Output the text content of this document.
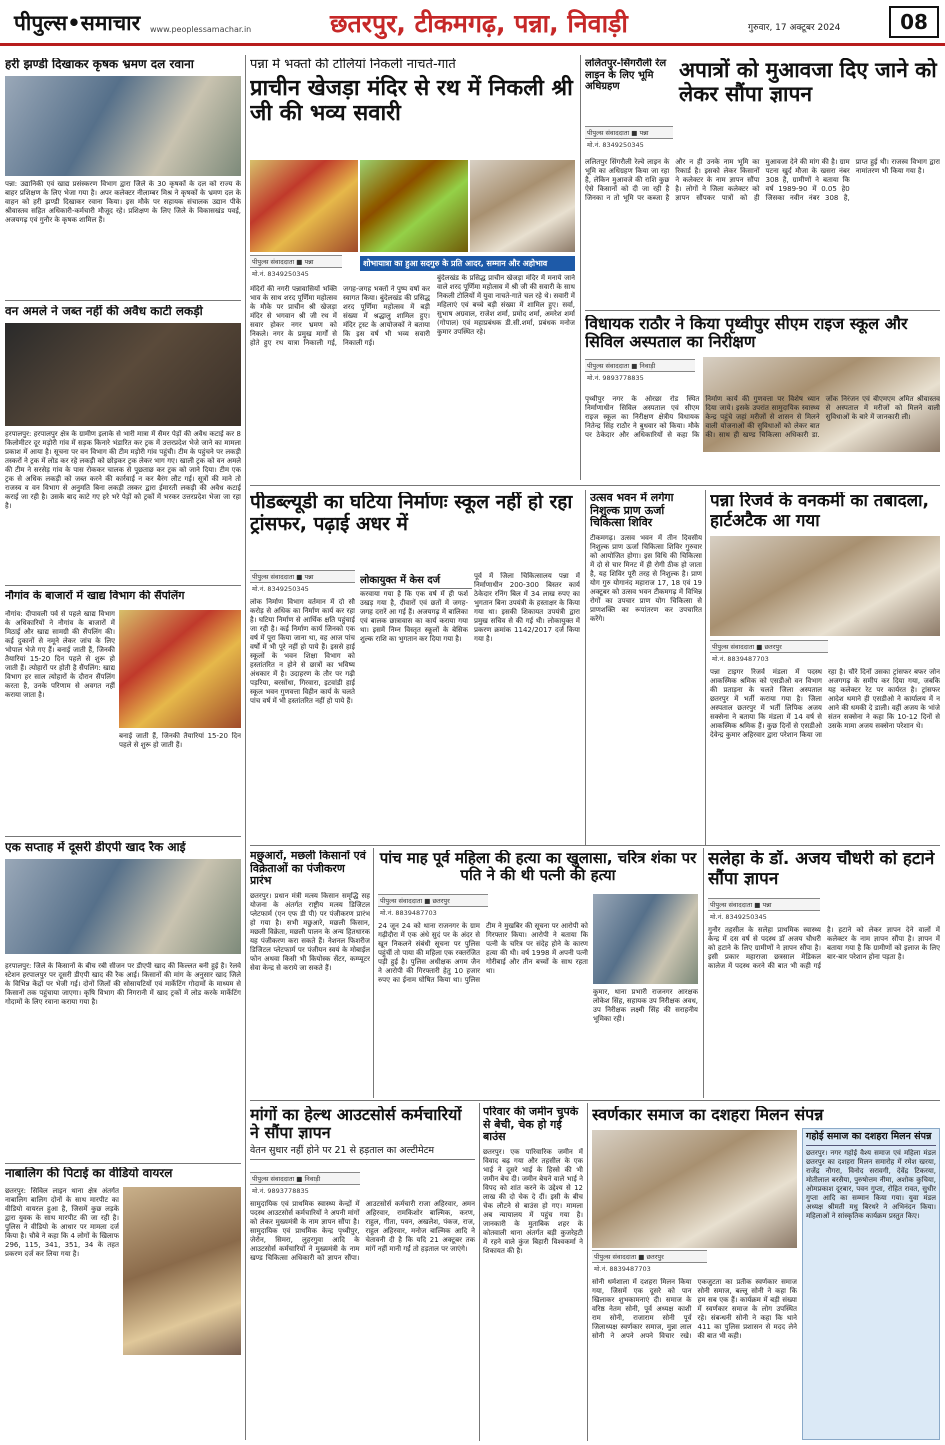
पीपुल्स•समाचार www.peoplessamachar.in	छतरपुर, टीकमगढ़, पन्ना, निवाड़ी	गुरुवार, 17 अक्टूबर 2024	08
हरी झण्डी दिखाकर कृषक भ्रमण दल रवाना
पन्ना: उद्यानिकी एवं खाद्य प्रसंस्करण विभाग द्वारा जिले के 30 कृषकों के दल को राज्य के बाहर प्रशिक्षण के लिए भेजा गया है। अपर कलेक्टर नीलाम्बर मिश्र ने कृषकों के भ्रमण दल के वाहन को हरी झण्डी दिखाकर रवाना किया। इस मौके पर सहायक संचालक उद्यान पीके श्रीवास्तव सहित अधिकारी-कर्मचारी मौजूद रहे। प्रशिक्षण के लिए जिले के विकासखंड पवई, अजयगढ़ एवं गुनौर के कृषक शामिल हैं।
वन अमले ने जब्त नहीं की अवैध काटी लकड़ी
हरपालपुर: हरपालपुर क्षेत्र के ग्रामीण इलाके से भारी मात्रा में सैमर पेड़ों की अवैध कटाई कर 8 किलोमीटर दूर मड़ोरी गांव में सड़क किनारे भंडारित कर ट्रक में उत्तरप्रदेश भेजे जाने का मामला प्रकाश में आया है। सूचना पर वन विभाग की टीम मड़ोरी गांव पहुंची। टीम के पहुंचने पर लकड़ी तस्करों ने ट्रक में लोड कर रहे लकड़ी को छोड़कर ट्रक लेकर भाग गए। खाली ट्रक को वन अमले की टीम ने सरसेड़ गांव के पास रोककर चालक से पूछताछ कर ट्रक को जाने दिया। टीम एक ट्रक से अधिक लकड़ी को जब्त करने की कार्रवाई न कर बैरंग लौट गई। सूत्रों की माने तो राजस्व व वन विभाग से अनुमति बिना लकड़ी तस्कर द्वारा ईमारती लकड़ी की अवैध कटाई कराई जा रही है। उसके बाद काटे गए हरे भरे पेड़ों को ट्रकों में भरकर उत्तरप्रदेश भेजा जा रहा है।
नौगांव के बाजारों में खाद्य विभाग की सैंपलिंग
नौगांव: दीपावली पर्व से पहले खाद्य विभाग के अधिकारियों ने नौगांव के बाजारों में मिठाई और खाद्य सामग्री की सैंपलिंग की। कई दुकानों से नमूने लेकर जांच के लिए भोपाल भेजे गए हैं। बनाई जाती हैं, जिनकी तैयारियां 15-20 दिन पहले से शुरू हो जाती हैं। त्योहारों पर होती है सैंपलिंग: खाद्य विभाग हर साल त्योहारों के दौरान सैंपलिंग करता है, उनके परिणाम से अवगत नहीं कराया जाता है।
बनाई जाती हैं, जिनकी तैयारियां 15-20 दिन पहले से शुरू हो जाती हैं।
एक सप्ताह में दूसरी डीएपी खाद रैक आई
हरपालपुर: जिले के किसानों के बीच रबी सीजन पर डीएपी खाद की किल्लत बनी हुई है। रेलवे स्टेशन हरपालपुर पर दूसरी डीएपी खाद की रैक आई। किसानों की मांग के अनुसार खाद जिले के विभिन्न केंद्रों पर भेजी गई। दोनों जिलों की सोसायटियों एवं मार्केटिंग गोदामों के माध्यम से किसानों तक पहुंचाया जाएगा। कृषि विभाग की निगरानी में खाद ट्रकों में लोड करके मार्केटिंग गोदामों के लिए रवाना कराया गया है।
नाबालिग की पिटाई का वीडियो वायरल
छतरपुर: सिविल लाइन थाना क्षेत्र अंतर्गत नाबालिग बालिग दोनों के साथ मारपीट का वीडियो वायरल हुआ है, जिसमें कुछ लड़के द्वारा युवक के साथ मारपीट की जा रही है। पुलिस ने वीडियो के आधार पर मामला दर्ज किया है। चौबे ने कहा कि 4 लोगों के खिलाफ 296, 115, 341, 351, 34 के तहत प्रकरण दर्ज कर लिया गया है।
पन्ना में भक्तों की टोलियां निकली नाचते-गाते
प्राचीन खेजड़ा मंदिर से रथ में निकली श्री जी की भव्य सवारी
पीपुल्स संवाददाता ■ पन्ना
मो.नं. 8349250345
मंदिरों की नगरी पन्नावासियों भक्ति भाव के साथ शरद पूर्णिमा महोत्सव के मौके पर प्राचीन श्री खेजड़ा मंदिर से भगवान श्री जी रथ में सवार होकर नगर भ्रमण को निकले। नगर के प्रमुख मार्गों से होते हुए रथ यात्रा निकाली गई, जगह-जगह भक्तों ने पुष्प वर्षा कर स्वागत किया। बुंदेलखंड की प्रसिद्ध शरद पूर्णिमा महोत्सव में बड़ी संख्या में श्रद्धालु शामिल हुए। मंदिर ट्रस्ट के आयोजकों ने बताया कि इस वर्ष भी भव्य सवारी निकाली गई।
शोभायात्रा का हुआ सदगुरु के प्रति आदर, सम्मान और अहोभाव
बुंदेलखंड के प्रसिद्ध प्राचीन खेजड़ा मंदिर में मनाये जाने वाले शरद पूर्णिमा महोत्सव में श्री जी की सवारी के साथ निकली टोलियों में युवा नाचते-गाते चल रहे थे। सवारी में महिलाएं एवं बच्चे बड़ी संख्या में शामिल हुए। सर्वा, सुभाष अग्रवाल, राजेश शर्मा, प्रमोद शर्मा, अमरेश शर्मा (गोपाल) एवं महाप्रबंधक डी.सी.शर्मा, प्रबंधक मनोज कुमार उपस्थित रहे।
ललितपुर-सिंगरौली रेल लाइन के लिए भूमि अधिग्रहण
अपात्रों को मुआवजा दिए जाने को लेकर सौंपा ज्ञापन
पीपुल्स संवाददाता ■ पन्ना
मो.नं. 8349250345
ललितपुर सिंगरौली रेल्वे लाइन के भूमि का अधिग्रहण किया जा रहा है, लेकिन मुआवजे की राशि कुछ ऐसे किसानों को दी जा रही है जिनका न तो भूमि पर कब्जा है और न ही उनके नाम भूमि का रिकार्ड है। इसको लेकर किसानों ने कलेक्टर के नाम ज्ञापन सौंपा है। लोगों ने जिला कलेक्टर को ज्ञापन सौंपकर पात्रों को ही मुआवजा देने की मांग की है। ग्राम पटना खुर्द मौजा के खसरा नंबर 308 है, ग्रामीणों ने बताया कि वर्ष 1989-90 में 0.05 हे0 जिसका नवीन नंबर 308 है, प्राप्त हुई थी। राजस्व विभाग द्वारा नामांतरण भी किया गया है।
विधायक राठौर ने किया पृथ्वीपुर सीएम राइज स्कूल और सिविल अस्पताल का निरीक्षण
पीपुल्स संवाददाता ■ निवाड़ी
मो.नं. 9893778835
पृथ्वीपुर नगर के ओरछा रोड स्थित निर्माणाधीन सिविल अस्पताल एवं सीएम राइज स्कूल का निरीक्षण क्षेत्रीय विधायक नितेन्द्र सिंह राठौर ने बुधवार को किया। मौके पर ठेकेदार और अधिकारियों से कहा कि निर्माण कार्य की गुणवत्ता पर विशेष ध्यान दिया जाये। इसके उपरांत सामुदायिक स्वास्थ्य केन्द्र पहुंचे जहां मरीजों से शासन से मिलने वाली योजनाओं की सुविधाओं को लेकर बात की। साथ ही खण्ड चिकित्सा अधिकारी डा. जोंक निरंजन एवं बीएमएम अमित श्रीवास्तव से अस्पताल में मरीजों को मिलने वाली सुविधाओं के बारे में जानकारी ली।
पीडब्ल्यूडी का घटिया निर्माणः स्कूल नहीं हो रहा ट्रांसफर, पढ़ाई अधर में
पीपुल्स संवाददाता ■ पन्ना
मो.नं. 8349250345
लोक निर्माण विभाग वर्तमान में दो सौ करोड़ से अधिक का निर्माण कार्य कर रहा है। घटिया निर्माण से आर्थिक क्षति पहुंचाई जा रही है। कई निर्माण कार्य जिनको एक वर्ष में पूरा किया जाना था, वह आज पांच वर्षों में भी पूरे नहीं हो पाये हैं। इससे हाई स्कूलों के भवन शिक्षा विभाग को हस्तांतरित न होने से छात्रों का भविष्य अंधकार में है। उदाहरण के तौर पर गढ़ी पड़रिया, बरसोंधा, गिरवारा, इटवांडी हाई स्कूल भवन गुणवत्ता विहीन कार्य के चलते पांच वर्ष में भी हस्तांतरित नहीं हो पाये हैं।
लोकायुक्त में केस दर्ज
करवाया गया है कि एक वर्ष में ही फर्श उखड़ गया है, दीवारों एवं छतों में जगह-जगह दरारें आ गई हैं। अजयगढ़ में बालिका एवं बालक छात्रावास का कार्य कराया गया था। इसमें निम्न विस्तृत स्कूलों के बेसिक शुल्क राशि का भुगतान कर दिया गया है।
पूर्व में जिला चिकित्सालय पन्ना में निर्माणाधीन 200-300 बिस्तर कार्य ठेकेदार रनिंग बिल में 34 लाख रुपए का भुगतान बिना उपयंत्री के हस्ताक्षर के किया गया था। इसकी शिकायत उपयंत्री द्वारा प्रमुख सचिव से की गई थी। लोकायुक्त में प्रकरण क्रमांक 1142/2017 दर्ज किया गया है।
उत्सव भवन में लगेगा निशुल्क प्राण ऊर्जा चिकित्सा शिविर
टीकमगढ़। उत्सव भवन में तीन दिवसीय निशुल्क प्राण ऊर्जा चिकित्सा शिविर गुरुवार को आयोजित होगा। इस विधि की चिकित्सा में दो से चार मिनट में ही रोगी ठीक हो जाता है, यह शिविर पूरी तरह से निशुल्क है। प्राण योग गुरु योगानंद महाराज 17, 18 एवं 19 अक्टूबर को उत्सव भवन टीकमगढ़ में विभिन्न रोगों का उपचार प्राण योग चिकित्सा से प्राणशक्ति का रूपांतरण कर उपचारित करेंगे।
पन्ना रिजर्व के वनकर्मी का तबादला, हार्टअटैक आ गया
पीपुल्स संवाददाता ■ छतरपुर
मो.नं. 8839487703
पन्ना टाइगर रिजर्व मंडला में पदस्थ आकस्मिक श्रमिक को एसडीओ वन विभाग की प्रताड़ना के चलते जिला अस्पताल छतरपुर में भर्ती कराया गया है। जिला अस्पताल छतरपुर में भर्ती लिपिक अजय सक्सेना ने बताया कि मंडला में 14 वर्ष से आकस्मिक श्रमिक हैं। कुछ दिनों से एसडीओ देवेन्द्र कुमार अहिरवार द्वारा परेशान किया जा रहा है। चौरे दिनों उसका ट्रांसफर बफर जोन अजगगढ़ के समीप कर दिया गया, जबकि यह कलेक्टर रेट पर कार्यरत है। ट्रांसफर आदेश थमाने ही एसडीओ ने कार्यालय में न आने की धमकी दे डाली। वहीं अजय के भांजे संतन सक्सेना ने कहा कि 10-12 दिनों से उसके मामा अजय सक्सेना परेशान थे।
मछुआरों, मछली किसानों एवं विक्रेताओं का पंजीकरण प्रारंभ
छतरपुर। प्रधान मंत्री मत्स्य किसान समृद्धि सह योजना के अंतर्गत राष्ट्रीय मत्स्य डिजिटल प्लेटफार्म (एन एफ डी पी) पर पंजीकरण प्रारंभ हो गया है। सभी मछुआरे, मछली किसान, मछली विक्रेता, मछली पालन के अन्य हितधारक यह पंजीकरण करा सकते हैं। नेशनल फिशरीज डिजिटल प्लेटफार्म पर पंजीयन स्वयं के मोबाईल फोन अथवा किसी भी कियोस्क सेंटर, कम्प्यूटर सेवा केन्द्र से कराये जा सकते हैं।
पांच माह पूर्व महिला की हत्या का खुलासा, चरित्र शंका पर पति ने की थी पत्नी की हत्या
पीपुल्स संवाददाता ■ छतरपुर
मो.नं. 8839487703
24 जून 24 को थाना राजनगर के ग्राम गढ़ीदौरा में एक अंधे सुदं पर के अंदर से खून निकलने संबंधी सूचना पर पुलिस पहुंचीं तो पाया की महिला एक रक्तरंजित पड़ी हुई है। पुलिस अधीक्षक अगम जैन ने आरोपी की गिरफ्तारी हेतु 10 हजार रुपए का ईनाम घोषित किया था। पुलिस टीम ने मुखबिर की सूचना पर आरोपी को गिरफ्तार किया। आरोपी ने बताया कि पत्नी के चरित्र पर संदेह होने के कारण हत्या की थी। वर्ष 1998 में अपनी पत्नी गोरीबाई और तीन बच्चों के साथ रहता था।
कुमार, थाना प्रभारी राजनगर आरक्षक लोकेश सिंह, सहायक उप निरीक्षक अवध, उप निरीक्षक लक्ष्मी सिंह की सराहनीय भूमिका रही।
सलेहा के डॉ. अजय चौधरी को हटाने सौंपा ज्ञापन
पीपुल्स संवाददाता ■ पन्ना
मो.नं. 8349250345
गुनौर तहसील के सलेहा प्राथमिक स्वास्थ्य केन्द्र में दस वर्ष से पदस्थ डॉ अजय चौधरी को हटाने के लिए ग्रामीणों ने ज्ञापन सौंपा है। इसी प्रकार महाराजा छत्रसाल मेडिकल कालेज में पदस्थ करने की बात भी कही गई है। हटाने को लेकर ज्ञापन देने वालों में कलेक्टर के नाम ज्ञापन सौंपा है। ज्ञापन में बताया गया है कि ग्रामीणों को इलाज के लिए बार-बार परेशान होना पड़ता है।
मांगों का हेल्थ आउटसोर्स कर्मचारियों ने सौंपा ज्ञापन
वेतन सुधार नहीं होने पर 21 से हड़ताल का अल्टीमेटम
पीपुल्स संवाददाता ■ निवाड़ी
मो.नं. 9893778835
सामुदायिक एवं प्राथमिक स्वास्थ्य केन्द्रों में पदस्थ आउटसोर्स कर्मचारियों ने अपनी मांगों को लेकर मुख्यमंत्री के नाम ज्ञापन सौंपा है। सामुदायिक एवं प्राथमिक केन्द्र पृथ्वीपुर, जेरोन, सिमरा, लुहरगुवा आदि के आउटसोर्स कर्मचारियों ने मुख्यमंत्री के नाम खण्ड चिकित्सा अधिकारी को ज्ञापन सौंपा। आउटसोर्स कर्मचारी राजा अहिरवार, अमन अहिरवार, रामकिशोर बाल्मिक, करण, राहुल, गीता, पवन, अखलेश, पंकज, राज, राहुल अहिरवार, मनोज बाल्मिक आदि ने चेतावनी दी है कि यदि 21 अक्टूबर तक मांगें नहीं मानी गईं तो हड़ताल पर जाएंगे।
परिवार की जमीन चुपके से बेची, चेक हो गई बाउंस
छतरपुर। एक पारिवारिक जमीन में विवाद बढ़ गया और तहसील के एक भाई ने दूसरे भाई के हिस्से की भी जमीन बेच दी। जमीन बेचने वाले भाई ने विपद को शांत करने के उद्देश्य से 12 लाख की दो चेक दे दीं। इसी के बीच चेक लौटने से बाउंस हो गए। मामला अब न्यायालय में पहुंच गया है। जानकारी के मुताबिक शहर के कोतवाली थाना अंतर्गत बड़ी कुजरेहटी में रहने वाले कुंज बिहारी विश्वकर्मा ने शिकायत की है।
स्वर्णकार समाज का दशहरा मिलन संपन्न
पीपुल्स संवाददाता ■ छतरपुर
मो.नं. 8839487703
सोनी धर्मशाला में दशहरा मिलन किया गया, जिसमें एक दूसरे को पान खिलाकर शुभकामनाएं दी। समाज के वरिष्ठ नेतम सोनी, पूर्व अध्यक्ष काशी राम सोनी, राजाराम सोनी पूर्व जिलाध्यक्ष स्वर्णकार समाज, मुन्ना लाल सोनी ने अपने अपने विचार रखे। एकजुटता का प्रतीक स्वर्णकार समाज सोनी समाज, बल्लू सोनी ने कहा कि हम सब एक हैं। कार्यक्रम में बड़ी संख्या में स्वर्णकार समाज के लोग उपस्थित रहे। संबन्धनी सोनी ने कहा कि थाने 411 का पुलिस प्रशासन से मदद लेने की बात भी कही।
गहोई समाज का दशहरा मिलन संपन्न
छतरपुर। नगर गहोई वैश्य समाज एवं महिला मंडल छतरपुर का दशहरा मिलन समारोह में रमेश खरया, राजेंद्र नौगरा, विनोद सरावगी, देवेंद्र टिकरया, मोतीलाल बरसैया, पुरुषोत्तम नीमा, अशोक कुचिया, ओमप्रकाश दूरबार, पवन गुप्ता, रोहित रावत, सुधीर गुप्ता आदि का सम्मान किया गया। युवा मंडल अध्यक्ष श्रीमती मधु बिरथरे ने अभिनंदन किया। महिलाओं ने सांस्कृतिक कार्यक्रम प्रस्तुत किए।
